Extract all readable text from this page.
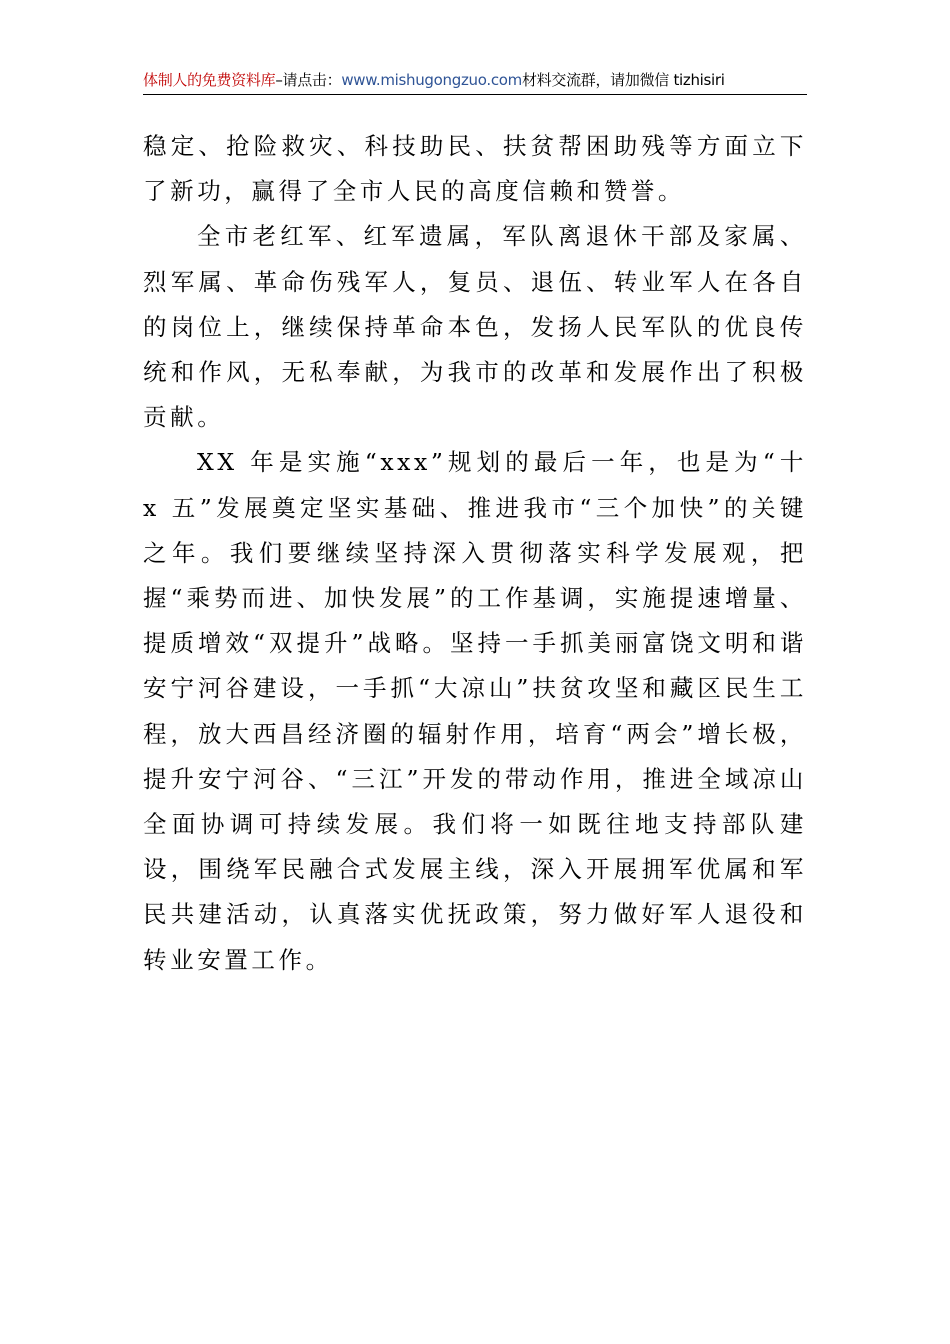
体制人的免费资料库–请点击：www.mishugongzuo.com材料交流群，请加微信 tizhisiri

稳定、抢险救灾、科技助民、扶贫帮困助残等方面立下了新功，赢得了全市人民的高度信赖和赞誉。

全市老红军、红军遗属，军队离退休干部及家属、烈军属、革命伤残军人，复员、退伍、转业军人在各自的岗位上，继续保持革命本色，发扬人民军队的优良传统和作风，无私奉献，为我市的改革和发展作出了积极贡献。

XX 年是实施“xxx”规划的最后一年，也是为“十 x 五”发展奠定坚实基础、推进我市“三个加快”的关键之年。我们要继续坚持深入贯彻落实科学发展观，把握“乘势而进、加快发展”的工作基调，实施提速增量、提质增效“双提升”战略。坚持一手抓美丽富饶文明和谐安宁河谷建设，一手抓“大凉山”扶贫攻坚和藏区民生工程，放大西昌经济圈的辐射作用，培育“两会”增长极，提升安宁河谷、“三江”开发的带动作用，推进全域凉山全面协调可持续发展。我们将一如既往地支持部队建设，围绕军民融合式发展主线，深入开展拥军优属和军民共建活动，认真落实优抚政策，努力做好军人退役和转业安置工作。
